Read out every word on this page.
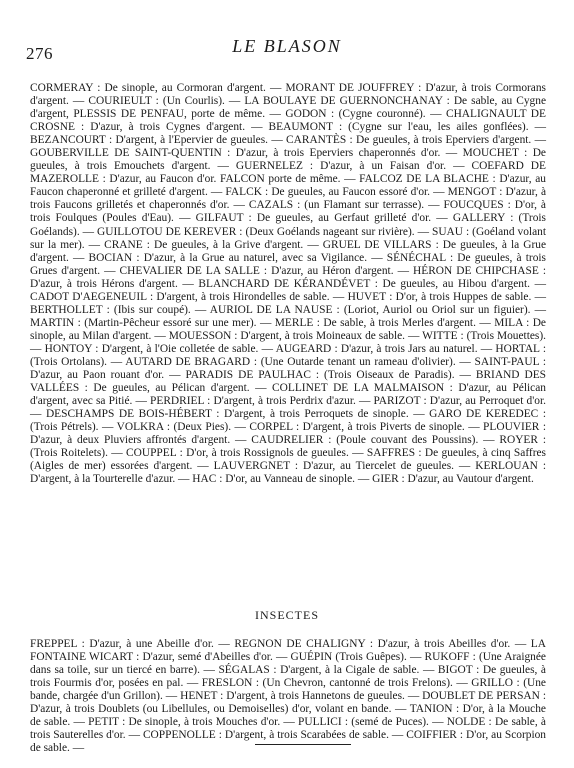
276	LE BLASON

CORMERAY : De sinople, au Cormoran d'argent. — MORANT DE JOUFFREY : D'azur, à trois Cormorans d'argent. — COURIEULT : (Un Courlis). — LA BOULAYE DE GUERNONCHANAY : De sable, au Cygne d'argent, PLESSIS DE PENFAU, porte de même. — GODON : (Cygne couronné). — CHALIGNAULT DE CROSNE : D'azur, à trois Cygnes d'argent. — BEAUMONT : (Cygne sur l'eau, les ailes gonflées). — BEZANCOURT : D'argent, à l'Epervier de gueules. — CARANTÈS : De gueules, à trois Eperviers d'argent. — GOUBERVILLE DE SAINT-QUENTIN : D'azur, à trois Eperviers chaperonnés d'or. — MOUCHET : De gueules, à trois Emouchets d'argent. — GUERNELEZ : D'azur, à un Faisan d'or. — COEFARD DE MAZEROLLE : D'azur, au Faucon d'or. FALCON porte de même. — FALCOZ DE LA BLACHE : D'azur, au Faucon chaperonné et grilleté d'argent. — FALCK : De gueules, au Faucon essoré d'or. — MENGOT : D'azur, à trois Faucons grilletés et chaperonnés d'or. — CAZALS : (un Flamant sur terrasse). — FOUCQUES : D'or, à trois Foulques (Poules d'Eau). — GILFAUT : De gueules, au Gerfaut grilleté d'or. — GALLERY : (Trois Goélands). — GUILLOTOU DE KEREVER : (Deux Goélands nageant sur rivière). — SUAU : (Goéland volant sur la mer). — CRANE : De gueules, à la Grive d'argent. — GRUEL DE VILLARS : De gueules, à la Grue d'argent. — BOCIAN : D'azur, à la Grue au naturel, avec sa Vigilance. — SÉNÉCHAL : De gueules, à trois Grues d'argent. — CHEVALIER DE LA SALLE : D'azur, au Héron d'argent. — HÉRON DE CHIPCHASE : D'azur, à trois Hérons d'argent. — BLANCHARD DE KÉRANDÉVET : De gueules, au Hibou d'argent. — CADOT D'AEGENEUIL : D'argent, à trois Hirondelles de sable. — HUVET : D'or, à trois Huppes de sable. — BERTHOLLET : (Ibis sur coupé). — AURIOL DE LA NAUSE : (Loriot, Auriol ou Oriol sur un figuier). — MARTIN : (Martin-Pêcheur essoré sur une mer). — MERLE : De sable, à trois Merles d'argent. — MILA : De sinople, au Milan d'argent. — MOUESSON : D'argent, à trois Moineaux de sable. — WITTE : (Trois Mouettes). — HONTOY : D'argent, à l'Oie colletée de sable. — AUGEARD : D'azur, à trois Jars au naturel. — HORTAL : (Trois Ortolans). — AUTARD DE BRAGARD : (Une Outarde tenant un rameau d'olivier). — SAINT-PAUL : D'azur, au Paon rouant d'or. — PARADIS DE PAULHAC : (Trois Oiseaux de Paradis). — BRIAND DES VALLÉES : De gueules, au Pélican d'argent. — COLLINET DE LA MALMAISON : D'azur, au Pélican d'argent, avec sa Pitié. — PERDRIEL : D'argent, à trois Perdrix d'azur. — PARIZOT : D'azur, au Perroquet d'or. — DESCHAMPS DE BOIS-HÉBERT : D'argent, à trois Perroquets de sinople. — GARO DE KEREDEC : (Trois Pétrels). — VOLKRA : (Deux Pies). — CORPEL : D'argent, à trois Piverts de sinople. — PLOUVIER : D'azur, à deux Pluviers affrontés d'argent. — CAUDRELIER : (Poule couvant des Poussins). — ROYER : (Trois Roitelets). — COUPPEL : D'or, à trois Rossignols de gueules. — SAFFRES : De gueules, à cinq Saffres (Aigles de mer) essorées d'argent. — LAUVERGNET : D'azur, au Tiercelet de gueules. — KERLOUAN : D'argent, à la Tourterelle d'azur. — HAC : D'or, au Vanneau de sinople. — GIER : D'azur, au Vautour d'argent.

INSECTES

FREPPEL : D'azur, à une Abeille d'or. — REGNON DE CHALIGNY : D'azur, à trois Abeilles d'or. — LA FONTAINE WICART : D'azur, semé d'Abeilles d'or. — GUÉPIN (Trois Guêpes). — RUKOFF : (Une Araignée dans sa toile, sur un tiercé en barre). — SÉGALAS : D'argent, à la Cigale de sable. — BIGOT : De gueules, à trois Fourmis d'or, posées en pal. — FRESLON : (Un Chevron, cantonné de trois Frelons). — GRILLO : (Une bande, chargée d'un Grillon). — HENET : D'argent, à trois Hannetons de gueules. — DOUBLET DE PERSAN : D'azur, à trois Doublets (ou Libellules, ou Demoiselles) d'or, volant en bande. — TANION : D'or, à la Mouche de sable. — PETIT : De sinople, à trois Mouches d'or. — PULLICI : (semé de Puces). — NOLDE : De sable, à trois Sauterelles d'or. — COPPENOLLE : D'argent, à trois Scarabées de sable. — COIFFIER : D'or, au Scorpion de sable. —
